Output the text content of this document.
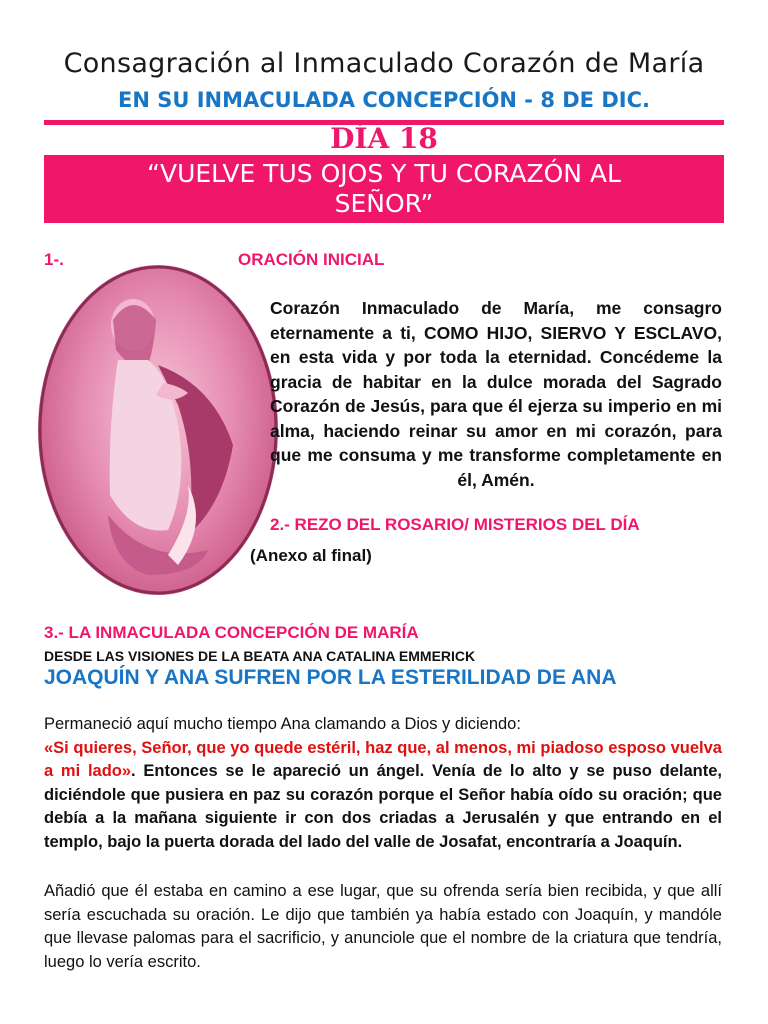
Consagración al Inmaculado Corazón de María
EN SU INMACULADA CONCEPCIÓN - 8 DE DIC.
DÍA 18
“VUELVE TUS OJOS Y TU CORAZÓN AL
SEÑOR”
1-.	ORACIÓN INICIAL
Corazón Inmaculado de María, me consagro eternamente a ti, COMO HIJO, SIERVO Y ESCLAVO, en esta vida y por toda la eternidad. Concédeme la gracia de habitar en la dulce morada del Sagrado Corazón de Jesús, para que él ejerza su imperio en mi alma, haciendo reinar su amor en mi corazón, para que me consuma y me transforme completamente en él, Amén.
2.- REZO DEL ROSARIO/ MISTERIOS DEL DÍA
(Anexo al final)
3.- LA INMACULADA CONCEPCIÓN DE MARÍA
DESDE LAS VISIONES DE LA BEATA ANA CATALINA EMMERICK
JOAQUÍN Y ANA SUFREN POR LA ESTERILIDAD DE ANA
Permaneció aquí mucho tiempo Ana clamando a Dios y diciendo:
«Si quieres, Señor, que yo quede estéril, haz que, al menos, mi piadoso esposo vuelva a mi lado». Entonces se le apareció un ángel. Venía de lo alto y se puso delante, diciéndole que pusiera en paz su corazón porque el Señor había oído su oración; que debía a la mañana siguiente ir con dos criadas a Jerusalén y que entrando en el templo, bajo la puerta dorada del lado del valle de Josafat, encontraría a Joaquín.
Añadió que él estaba en camino a ese lugar, que su ofrenda sería bien recibida, y que allí sería escuchada su oración. Le dijo que también ya había estado con Joaquín, y mandóle que llevase palomas para el sacrificio, y anunciole que el nombre de la criatura que tendría, luego lo vería escrito.
